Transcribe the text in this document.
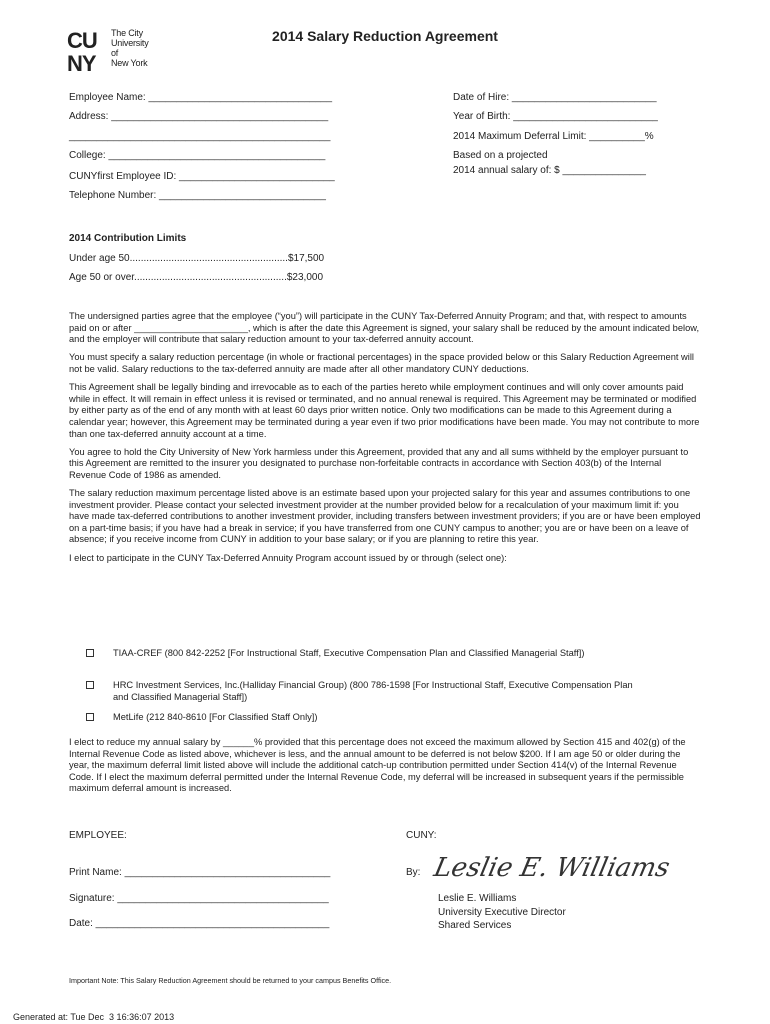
CU
NY
The City
University
of
New York
2014 Salary Reduction Agreement
Employee Name: _________________________________
Address: _______________________________________
_______________________________________________
College: _______________________________________
CUNYfirst Employee ID: ____________________________
Telephone Number: ______________________________
Date of Hire: __________________________
Year of Birth: __________________________
2014 Maximum Deferral Limit: __________%
Based on a projected
2014 annual salary of: $ _______________
2014 Contribution Limits
Under age 50.........................................................$17,500
Age 50 or over.......................................................$23,000

The undersigned parties agree that the employee (“you”) will participate in the CUNY Tax-Deferred Annuity Program; and that, with respect to amounts paid on or after ______________________, which is after the date this Agreement is signed, your salary shall be reduced by the amount indicated below, and the employer will contribute that salary reduction amount to your tax-deferred annuity account.

You must specify a salary reduction percentage (in whole or fractional percentages) in the space provided below or this Salary Reduction Agreement will not be valid. Salary reductions to the tax-deferred annuity are made after all other mandatory CUNY deductions.

This Agreement shall be legally binding and irrevocable as to each of the parties hereto while employment continues and will only cover amounts paid while in effect. It will remain in effect unless it is revised or terminated, and no annual renewal is required. This Agreement may be terminated or modified by either party as of the end of any month with at least 60 days prior written notice. Only two modifications can be made to this Agreement during a calendar year; however, this Agreement may be terminated during a year even if two prior modifications have been made. You may not contribute to more than one tax-deferred annuity account at a time.

You agree to hold the City University of New York harmless under this Agreement, provided that any and all sums withheld by the employer pursuant to this Agreement are remitted to the insurer you designated to purchase non-forfeitable contracts in accordance with Section 403(b) of the Internal Revenue Code of 1986 as amended.

The salary reduction maximum percentage listed above is an estimate based upon your projected salary for this year and assumes contributions to one investment provider. Please contact your selected investment provider at the number provided below for a recalculation of your maximum limit if: you have made tax-deferred contributions to another investment provider, including transfers between investment providers; if you are or have been employed on a part-time basis; if you have had a break in service; if you have transferred from one CUNY campus to another; you are or have been on a leave of absence; if you receive income from CUNY in addition to your base salary; or if you are planning to retire this year.

I elect to participate in the CUNY Tax-Deferred Annuity Program account issued by or through (select one):

TIAA-CREF (800 842-2252 [For Instructional Staff, Executive Compensation Plan and Classified Managerial Staff])
HRC Investment Services, Inc.(Halliday Financial Group) (800 786-1598 [For Instructional Staff, Executive Compensation Plan and Classified Managerial Staff])
MetLife (212 840-8610 [For Classified Staff Only])
I elect to reduce my annual salary by ______% provided that this percentage does not exceed the maximum allowed by Section 415 and 402(g) of the Internal Revenue Code as listed above, whichever is less, and the annual amount to be deferred is not below $200. If I am age 50 or older during the year, the maximum deferral limit listed above will include the additional catch-up contribution permitted under Section 414(v) of the Internal Revenue Code. If I elect the maximum deferral permitted under the Internal Revenue Code, my deferral will be increased in subsequent years if the permissible maximum deferral amount is increased.
EMPLOYEE:	CUNY:
Print Name: _____________________________________	By: Leslie E. Williams
Signature: ______________________________________	Leslie E. Williams
University Executive Director
Date: __________________________________________	Shared Services
Important Note: This Salary Reduction Agreement should be returned to your campus Benefits Office.
Generated at: Tue Dec  3 16:36:07 2013
